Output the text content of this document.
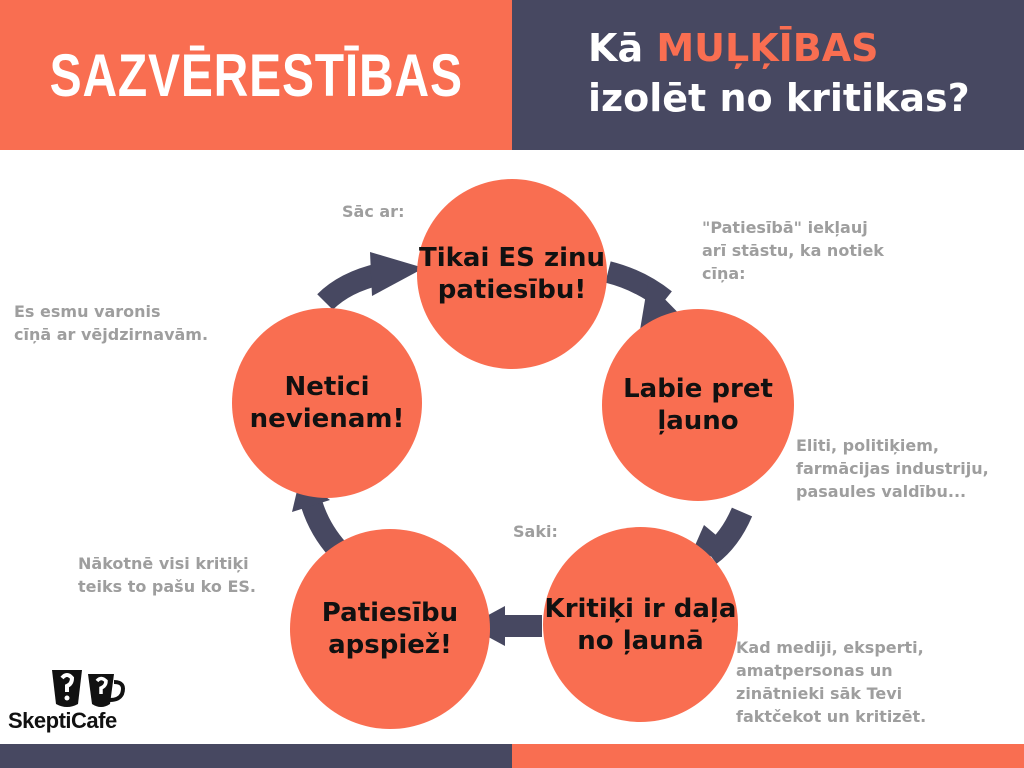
SAZVĒRESTĪBAS	Kā MUĻĶĪBAS
izolēt no kritikas?
Tikai ES zinu patiesību!
Labie pret ļauno
Kritiķi ir daļa no ļaunā
Patiesību apspiež!
Netici nevienam!
Sāc ar:
"Patiesībā" iekļauj
arī stāstu, ka notiek
cīņa:
Eliti, politiķiem,
farmācijas industriju,
pasaules valdību...
Saki:
Kad mediji, eksperti,
amatpersonas un
zinātnieki sāk Tevi
faktčekot un kritizēt.
Nākotnē visi kritiķi
teiks to pašu ko ES.
Es esmu varonis
cīņā ar vējdzirnavām.
SkeptiCafe
